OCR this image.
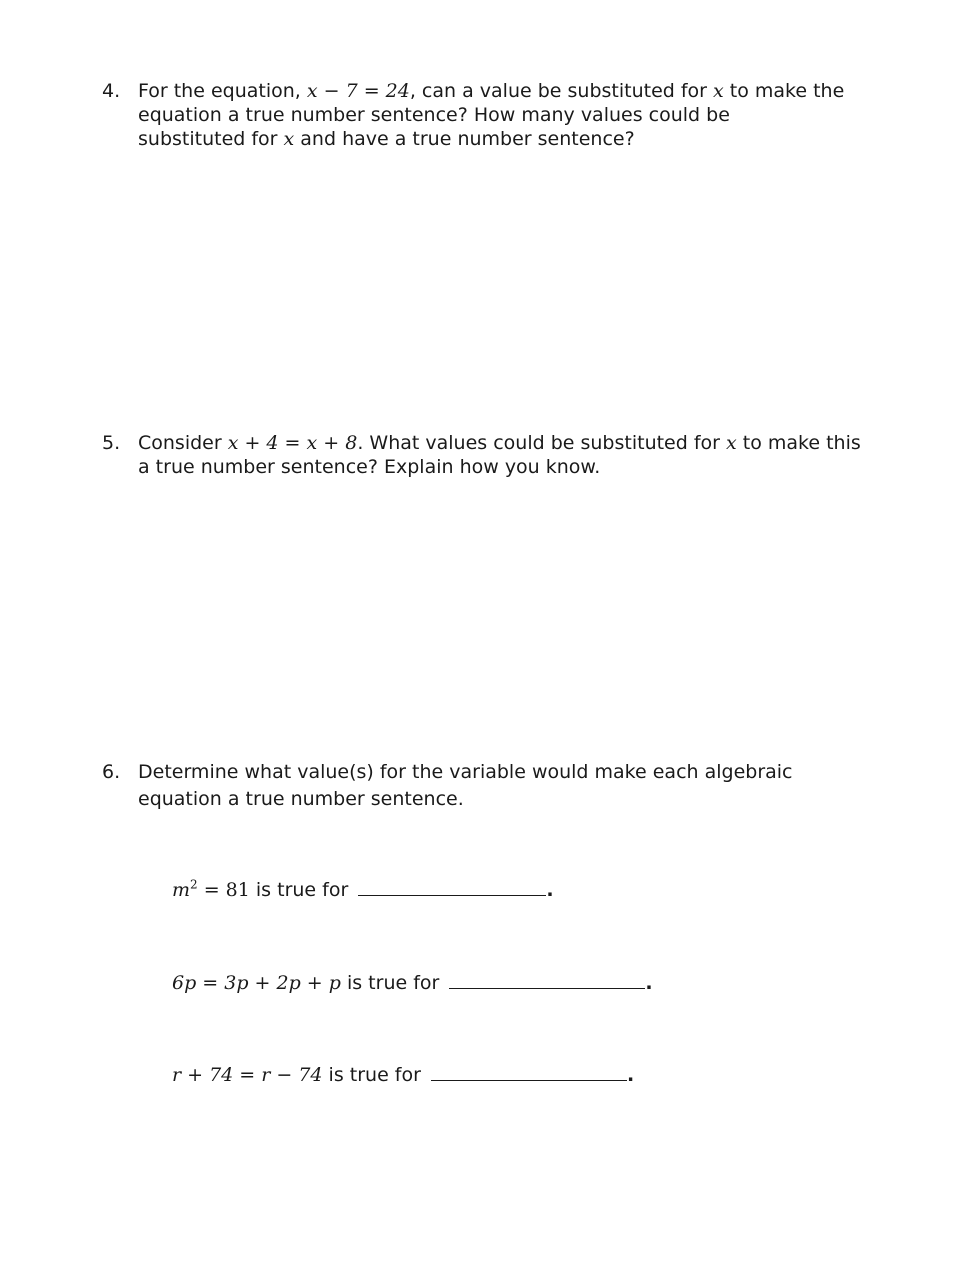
4. For the equation, x − 7 = 24, can a value be substituted for x to make the
equation a true number sentence? How many values could be
substituted for x and have a true number sentence?
5. Consider x + 4 = x + 8. What values could be substituted for x to make this
a true number sentence? Explain how you know.
6. Determine what value(s) for the variable would make each algebraic
equation a true number sentence.
$m^2 = 81$ is true for	.
6p = 3p + 2p + p is true for	.
r + 74 = r − 74 is true for	.
